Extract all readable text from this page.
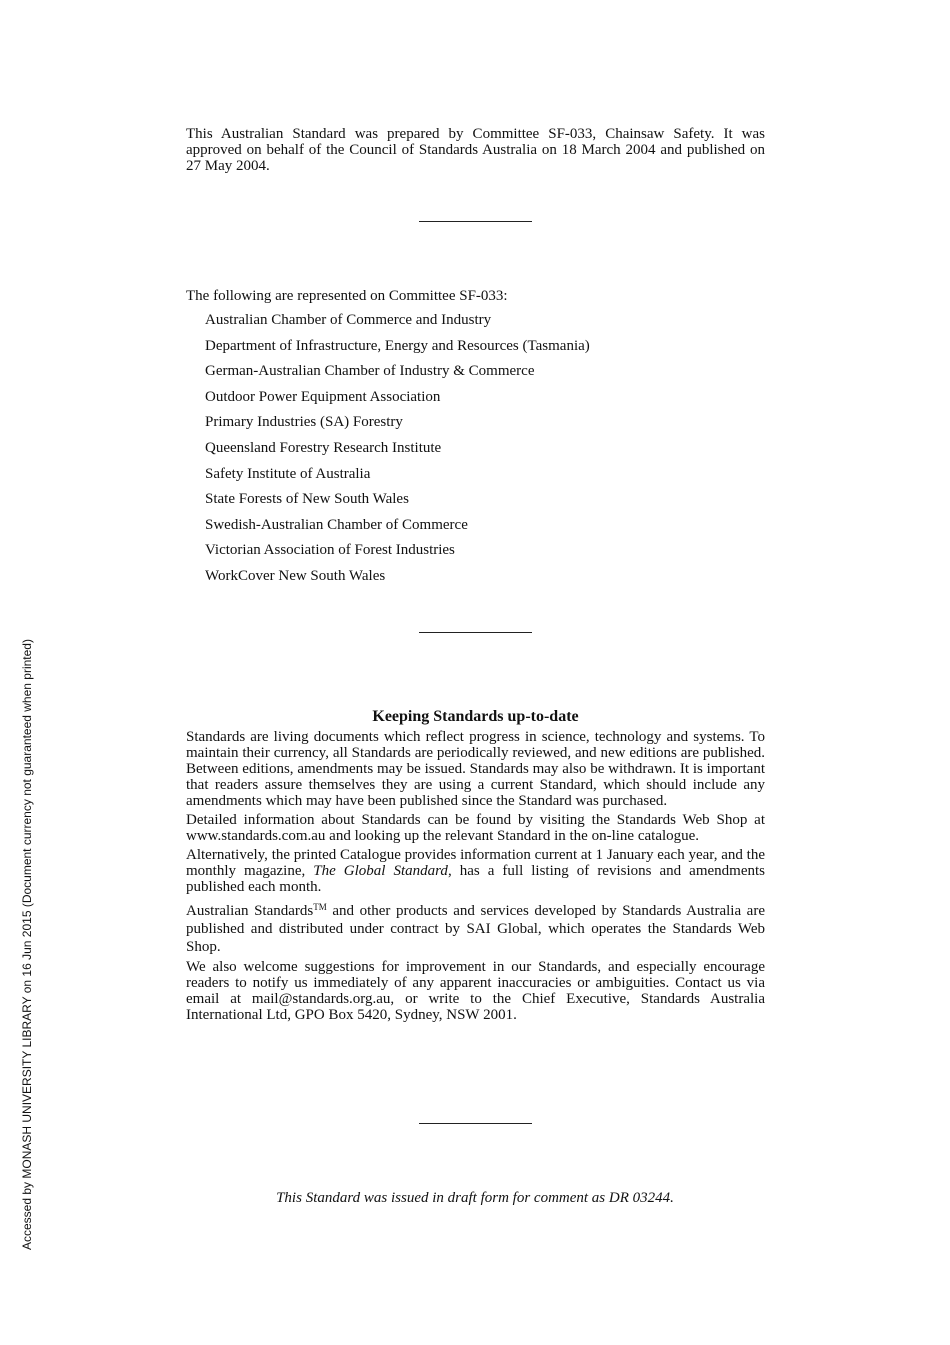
This Australian Standard was prepared by Committee SF-033, Chainsaw Safety. It was approved on behalf of the Council of Standards Australia on 18 March 2004 and published on 27 May 2004.

The following are represented on Committee SF-033:

Australian Chamber of Commerce and Industry
Department of Infrastructure, Energy and Resources (Tasmania)
German-Australian Chamber of Industry & Commerce
Outdoor Power Equipment Association
Primary Industries (SA) Forestry
Queensland Forestry Research Institute
Safety Institute of Australia
State Forests of New South Wales
Swedish-Australian Chamber of Commerce
Victorian Association of Forest Industries
WorkCover New South Wales
Keeping Standards up-to-date

Standards are living documents which reflect progress in science, technology and systems. To maintain their currency, all Standards are periodically reviewed, and new editions are published. Between editions, amendments may be issued. Standards may also be withdrawn. It is important that readers assure themselves they are using a current Standard, which should include any amendments which may have been published since the Standard was purchased.

Detailed information about Standards can be found by visiting the Standards Web Shop at www.standards.com.au and looking up the relevant Standard in the on-line catalogue.

Alternatively, the printed Catalogue provides information current at 1 January each year, and the monthly magazine, The Global Standard, has a full listing of revisions and amendments published each month.

Australian Standards™ and other products and services developed by Standards Australia are published and distributed under contract by SAI Global, which operates the Standards Web Shop.

We also welcome suggestions for improvement in our Standards, and especially encourage readers to notify us immediately of any apparent inaccuracies or ambiguities. Contact us via email at mail@standards.org.au, or write to the Chief Executive, Standards Australia International Ltd, GPO Box 5420, Sydney, NSW 2001.

This Standard was issued in draft form for comment as DR 03244.
Accessed by MONASH UNIVERSITY LIBRARY on 16 Jun 2015 (Document currency not guaranteed when printed)
